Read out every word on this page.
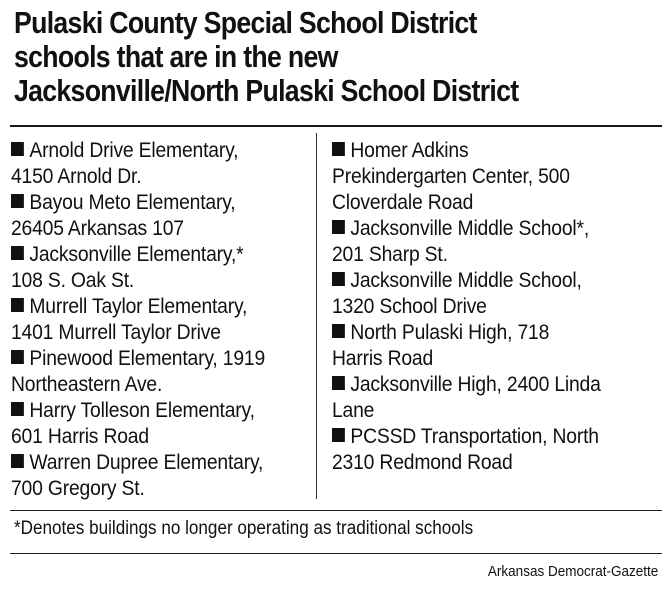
Pulaski County Special School District
schools that are in the new
Jacksonville/North Pulaski School District
Arnold Drive Elementary,
4150 Arnold Dr.
Bayou Meto Elementary,
26405 Arkansas 107
Jacksonville Elementary,*
108 S. Oak St.
Murrell Taylor Elementary,
1401 Murrell Taylor Drive
Pinewood Elementary, 1919
Northeastern Ave.
Harry Tolleson Elementary,
601 Harris Road
Warren Dupree Elementary,
700 Gregory St.
Homer Adkins
Prekindergarten Center, 500
Cloverdale Road
Jacksonville Middle School*,
201 Sharp St.
Jacksonville Middle School,
1320 School Drive
North Pulaski High, 718
Harris Road
Jacksonville High, 2400 Linda
Lane
PCSSD Transportation, North
2310 Redmond Road
*Denotes buildings no longer operating as traditional schools
Arkansas Democrat-Gazette
